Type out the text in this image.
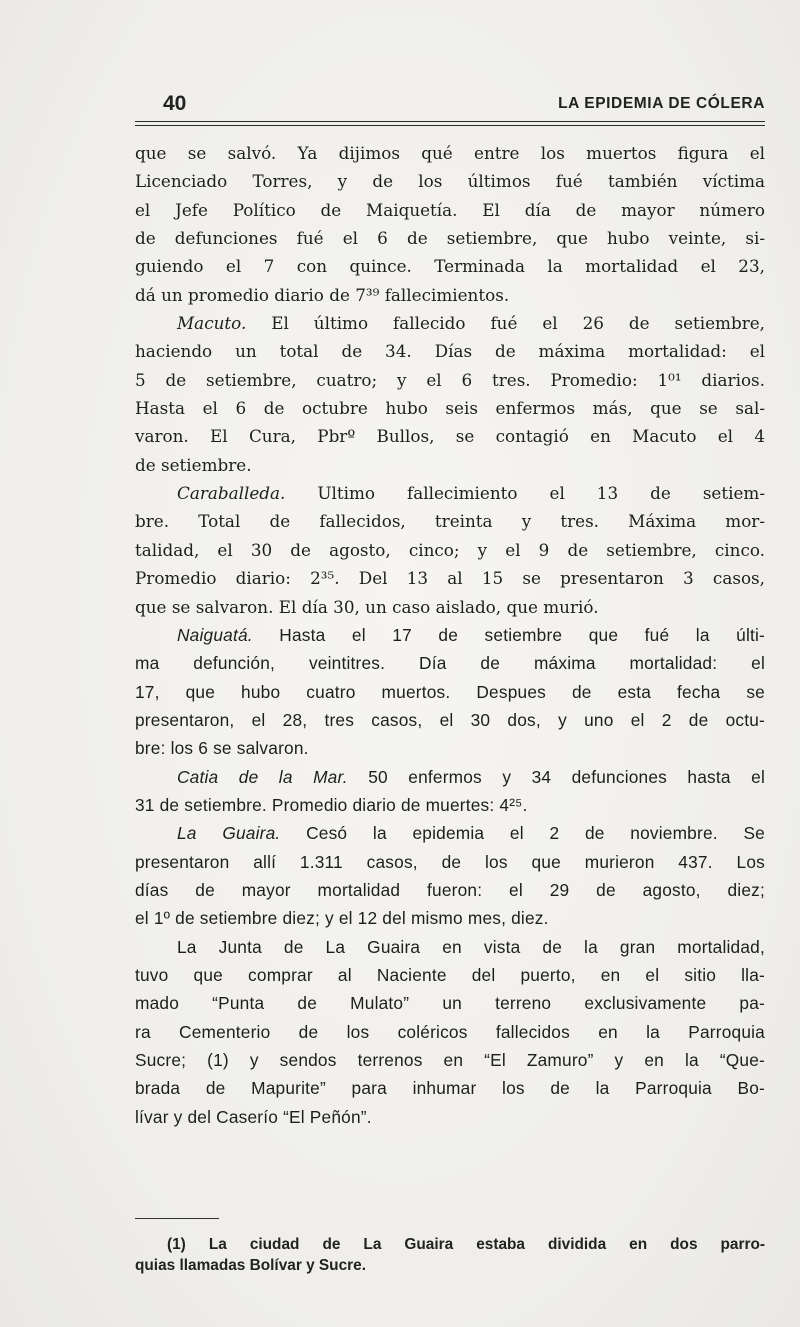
40	LA EPIDEMIA DE CÓLERA

que se salvó. Ya dijimos qué entre los muertos figura el
Licenciado Torres, y de los últimos fué también víctima
el Jefe Político de Maiquetía. El día de mayor número
de defunciones fué el 6 de setiembre, que hubo veinte, si-
guiendo el 7 con quince. Terminada la mortalidad el 23,
dá un promedio diario de 7³⁹ fallecimientos.

Macuto. El último fallecido fué el 26 de setiembre,
haciendo un total de 34. Días de máxima mortalidad: el
5 de setiembre, cuatro; y el 6 tres. Promedio: 1⁰¹ diarios.
Hasta el 6 de octubre hubo seis enfermos más, que se sal-
varon. El Cura, Pbrº Bullos, se contagió en Macuto el 4
de setiembre.

Caraballeda. Ultimo fallecimiento el 13 de setiem-
bre. Total de fallecidos, treinta y tres. Máxima mor-
talidad, el 30 de agosto, cinco; y el 9 de setiembre, cinco.
Promedio diario: 2³⁵. Del 13 al 15 se presentaron 3 casos,
que se salvaron. El día 30, un caso aislado, que murió.

Naiguatá. Hasta el 17 de setiembre que fué la últi-
ma defunción, veintitres. Día de máxima mortalidad: el
17, que hubo cuatro muertos. Despues de esta fecha se
presentaron, el 28, tres casos, el 30 dos, y uno el 2 de octu-
bre: los 6 se salvaron.

Catia de la Mar. 50 enfermos y 34 defunciones hasta el
31 de setiembre. Promedio diario de muertes: 4²⁵.

La Guaira. Cesó la epidemia el 2 de noviembre. Se
presentaron allí 1.311 casos, de los que murieron 437. Los
días de mayor mortalidad fueron: el 29 de agosto, diez;
el 1º de setiembre diez; y el 12 del mismo mes, diez.

La Junta de La Guaira en vista de la gran mortalidad,
tuvo que comprar al Naciente del puerto, en el sitio lla-
mado “Punta de Mulato” un terreno exclusivamente pa-
ra Cementerio de los coléricos fallecidos en la Parroquia
Sucre; (1) y sendos terrenos en “El Zamuro” y en la “Que-
brada de Mapurite” para inhumar los de la Parroquia Bo-
lívar y del Caserío “El Peñón”.

(1) La ciudad de La Guaira estaba dividida en dos parro-
quias llamadas Bolívar y Sucre.
